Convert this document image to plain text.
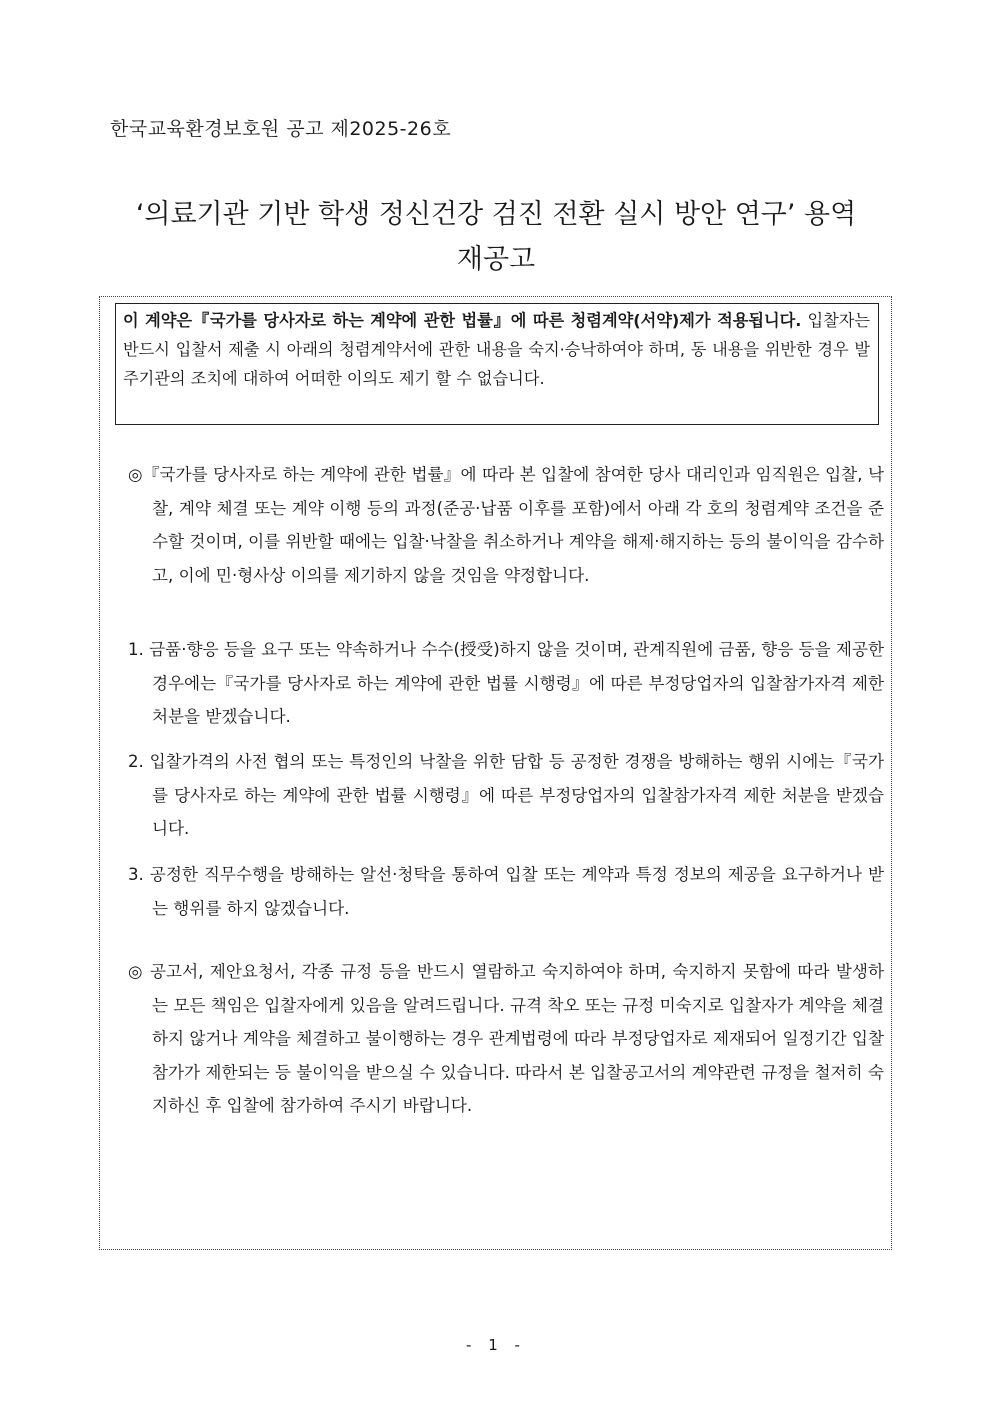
한국교육환경보호원 공고 제2025-26호
‘의료기관 기반 학생 정신건강 검진 전환 실시 방안 연구’ 용역
재공고
이 계약은『국가를 당사자로 하는 계약에 관한 법률』에 따른 청렴계약(서약)제가 적용됩니다. 입찰자는 반드시 입찰서 제출 시 아래의 청렴계약서에 관한 내용을 숙지·승낙하여야 하며, 동 내용을 위반한 경우 발주기관의 조치에 대하여 어떠한 이의도 제기 할 수 없습니다.
◎『국가를 당사자로 하는 계약에 관한 법률』에 따라 본 입찰에 참여한 당사 대리인과 임직원은 입찰, 낙찰, 계약 체결 또는 계약 이행 등의 과정(준공·납품 이후를 포함)에서 아래 각 호의 청렴계약 조건을 준수할 것이며, 이를 위반할 때에는 입찰·낙찰을 취소하거나 계약을 해제·해지하는 등의 불이익을 감수하고, 이에 민·형사상 이의를 제기하지 않을 것임을 약정합니다.
1. 금품·향응 등을 요구 또는 약속하거나 수수(授受)하지 않을 것이며, 관계직원에 금품, 향응 등을 제공한 경우에는『국가를 당사자로 하는 계약에 관한 법률 시행령』에 따른 부정당업자의 입찰참가자격 제한 처분을 받겠습니다.
2. 입찰가격의 사전 협의 또는 특정인의 낙찰을 위한 담합 등 공정한 경쟁을 방해하는 행위 시에는『국가를 당사자로 하는 계약에 관한 법률 시행령』에 따른 부정당업자의 입찰참가자격 제한 처분을 받겠습니다.
3. 공정한 직무수행을 방해하는 알선·청탁을 통하여 입찰 또는 계약과 특정 정보의 제공을 요구하거나 받는 행위를 하지 않겠습니다.
◎ 공고서, 제안요청서, 각종 규정 등을 반드시 열람하고 숙지하여야 하며, 숙지하지 못함에 따라 발생하는 모든 책임은 입찰자에게 있음을 알려드립니다. 규격 착오 또는 규정 미숙지로 입찰자가 계약을 체결하지 않거나 계약을 체결하고 불이행하는 경우 관계법령에 따라 부정당업자로 제재되어 일정기간 입찰참가가 제한되는 등 불이익을 받으실 수 있습니다. 따라서 본 입찰공고서의 계약관련 규정을 철저히 숙지하신 후 입찰에 참가하여 주시기 바랍니다.
- 1 -
